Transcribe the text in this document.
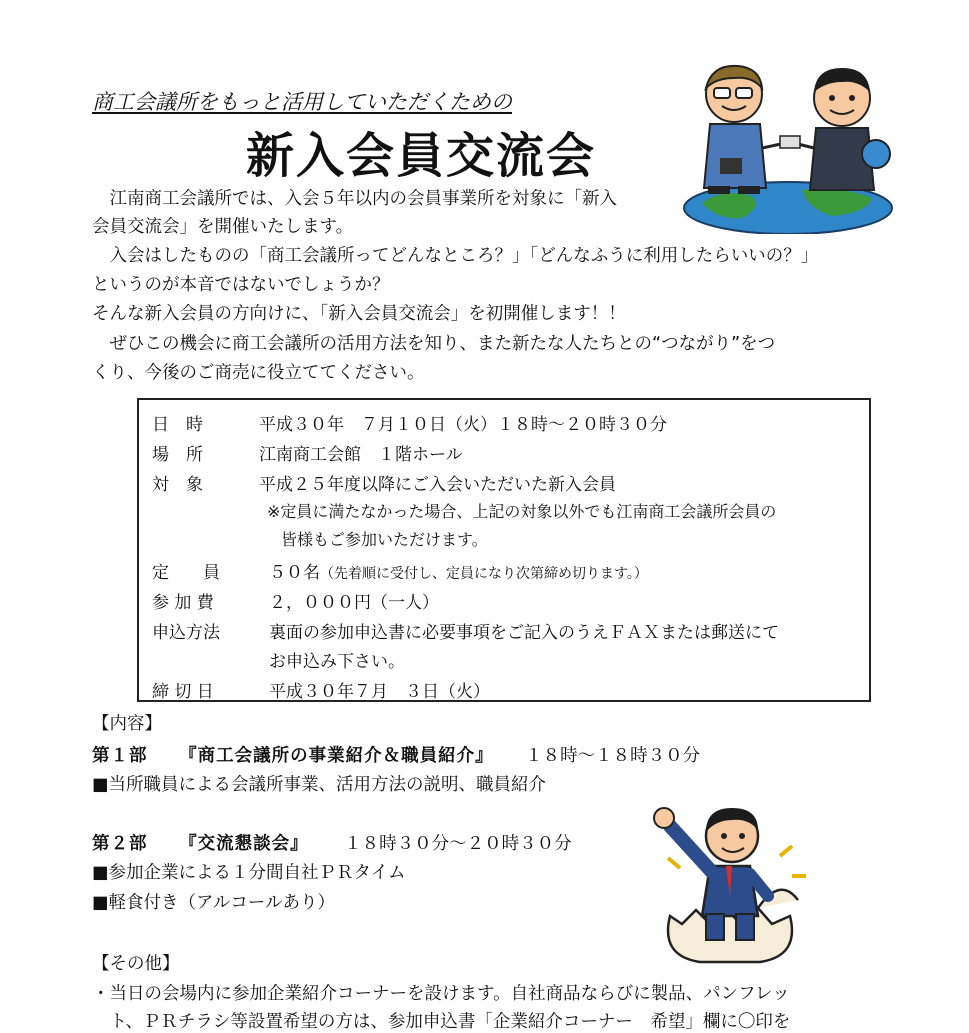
商工会議所をもっと活用していただくための
新入会員交流会
　江南商工会議所では、入会５年以内の会員事業所を対象に「新入
会員交流会」を開催いたします。
　入会はしたものの「商工会議所ってどんなところ？」「どんなふうに利用したらいいの？」
というのが本音ではないでしょうか？
そんな新入会員の方向けに、「新入会員交流会」を初開催します！！
　ぜひこの機会に商工会議所の活用方法を知り、また新たな人たちとの“つながり”をつ
くり、今後のご商売に役立ててください。
日　時	平成３０年　７月１０日（火）１８時～２０時３０分
場　所	江南商工会館　１階ホール
対　象	平成２５年度以降にご入会いただいた新入会員
※定員に満たなかった場合、上記の対象以外でも江南商工会議所会員の
皆様もご参加いただけます。
定　　員	５０名（先着順に受付し、定員になり次第締め切ります。）
参 加 費	２，０００円（一人）
申込方法	裏面の参加申込書に必要事項をご記入のうえＦＡＸまたは郵送にて
お申込み下さい。
締 切 日	平成３０年７月　３日（火）
【内容】
第１部 『商工会議所の事業紹介＆職員紹介』 １８時～１８時３０分
■当所職員による会議所事業、活用方法の説明、職員紹介
第２部 『交流懇談会』 １８時３０分～２０時３０分
■参加企業による１分間自社ＰＲタイム
■軽食付き（アルコールあり）
【その他】
・当日の会場内に参加企業紹介コーナーを設けます。自社商品ならびに製品、パンフレッ
　ト、ＰＲチラシ等設置希望の方は、参加申込書「企業紹介コーナー　希望」欄に〇印を
